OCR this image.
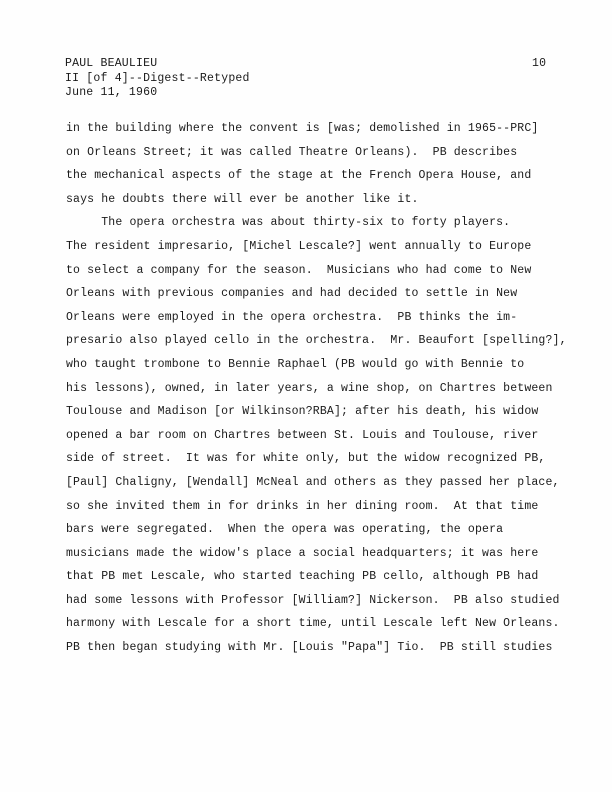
PAUL BEAULIEU
II [of 4]--Digest--Retyped
June 11, 1960
10
in the building where the convent is [was; demolished in 1965--PRC]
on Orleans Street; it was called Theatre Orleans).  PB describes
the mechanical aspects of the stage at the French Opera House, and
says he doubts there will ever be another like it.
The opera orchestra was about thirty-six to forty players.
The resident impresario, [Michel Lescale?] went annually to Europe
to select a company for the season.  Musicians who had come to New
Orleans with previous companies and had decided to settle in New
Orleans were employed in the opera orchestra.  PB thinks the im-
presario also played cello in the orchestra.  Mr. Beaufort [spelling?],
who taught trombone to Bennie Raphael (PB would go with Bennie to
his lessons), owned, in later years, a wine shop, on Chartres between
Toulouse and Madison [or Wilkinson?RBA]; after his death, his widow
opened a bar room on Chartres between St. Louis and Toulouse, river
side of street.  It was for white only, but the widow recognized PB,
[Paul] Chaligny, [Wendall] McNeal and others as they passed her place,
so she invited them in for drinks in her dining room.  At that time
bars were segregated.  When the opera was operating, the opera
musicians made the widow's place a social headquarters; it was here
that PB met Lescale, who started teaching PB cello, although PB had
had some lessons with Professor [William?] Nickerson.  PB also studied
harmony with Lescale for a short time, until Lescale left New Orleans.
PB then began studying with Mr. [Louis "Papa"] Tio.  PB still studies
